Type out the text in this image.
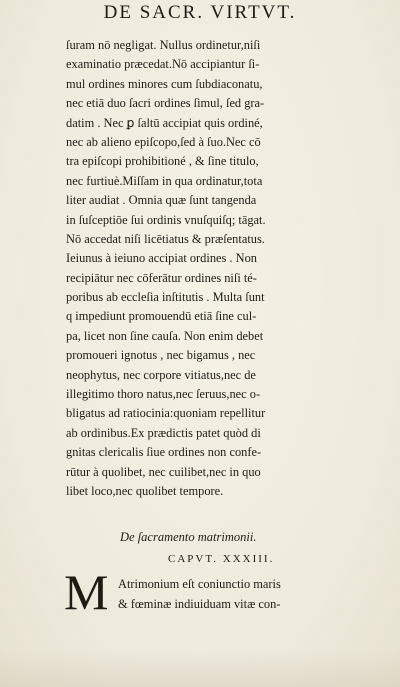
DE SACR. VIRTVT.
ſuram nō negligat. Nullus ordinetur,niſi
examinatio præcedat.Nō accipiantur ſi-
mul ordines minores cum ſubdiaconatu,
nec etiā duo ſacri ordines ſimul, ſed gra-
datim . Nec ꝑ ſaltū accipiat quis ordiné,
nec ab alieno epiſcopo,ſed à ſuo.Nec cō
tra epiſcopi prohibitioné , & ſine titulo,
nec furtiuè.Miſſam in qua ordinatur,tota
liter audiat . Omnia quæ ſunt tangenda
in ſuſceptiōe ſui ordinis vnuſquiſq; tāgat.
Nō accedat niſi licētiatus & præſentatus.
Ieiunus à ieiuno accipiat ordines . Non
recipiātur nec cōferātur ordines niſi té-
poribus ab eccleſia inſtitutis . Multa ſunt
q impediunt promouendū etiā ſine cul-
pa, licet non ſine cauſa. Non enim debet
promoueri ignotus , nec bigamus , nec
neophytus, nec corpore vitiatus,nec de
illegitimo thoro natus,nec ſeruus,nec o-
bligatus ad ratiocinia:quoniam repellitur
ab ordinibus.Ex prædictis patet quòd di
gnitas clericalis ſiue ordines non confe-
rūtur à quolibet, nec cuilibet,nec in quo
libet loco,nec quolibet tempore.
De ſacramento matrimonii.
CAPVT. XXXIII.
M Atrimonium eſt coniunctio maris
& fœminæ indiuiduam vitæ con-
